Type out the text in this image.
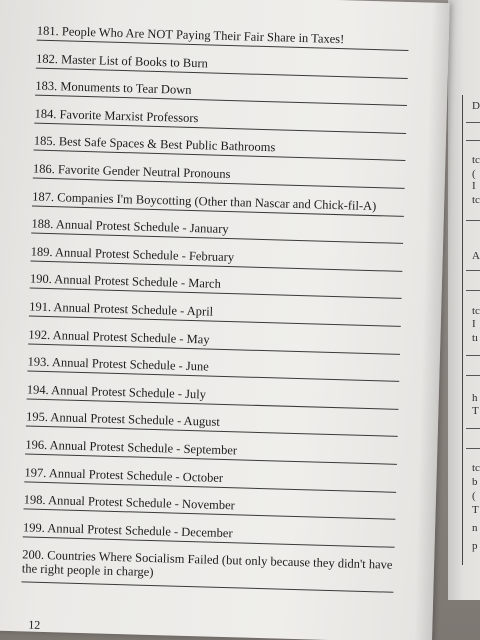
D
tc
(
I
tc
A
tc
I
tı
h
T
tc
b
(
T
n
p
181. People Who Are NOT Paying Their Fair Share in Taxes!
182. Master List of Books to Burn
183. Monuments to Tear Down
184. Favorite Marxist Professors
185. Best Safe Spaces & Best Public Bathrooms
186. Favorite Gender Neutral Pronouns
187. Companies I'm Boycotting (Other than Nascar and Chick-fil-A)
188. Annual Protest Schedule - January
189. Annual Protest Schedule - February
190. Annual Protest Schedule - March
191. Annual Protest Schedule - April
192. Annual Protest Schedule - May
193. Annual Protest Schedule - June
194. Annual Protest Schedule - July
195. Annual Protest Schedule - August
196. Annual Protest Schedule - September
197. Annual Protest Schedule - October
198. Annual Protest Schedule - November
199. Annual Protest Schedule - December
200. Countries Where Socialism Failed (but only because they didn't have the right people in charge)
12
